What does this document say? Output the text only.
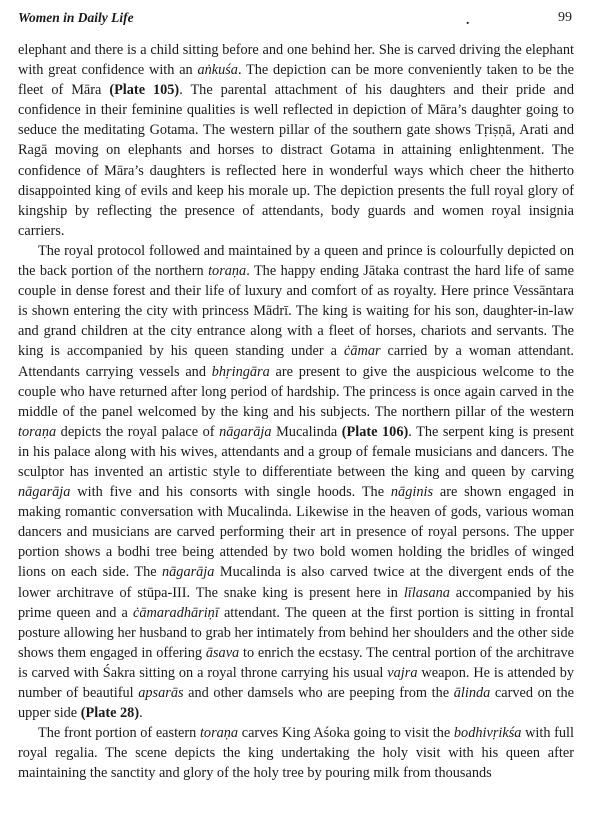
Women in Daily Life	.	99

elephant and there is a child sitting before and one behind her. She is carved driving the elephant with great confidence with an aṅkuśa. The depiction can be more conveniently taken to be the fleet of Māra (Plate 105). The parental attachment of his daughters and their pride and confidence in their feminine qualities is well reflected in depiction of Māra’s daughter going to seduce the meditating Gotama. The western pillar of the southern gate shows Tṛiṣṇā, Arati and Ragā moving on elephants and horses to distract Gotama in attaining enlightenment. The confidence of Māra’s daughters is reflected here in wonderful ways which cheer the hitherto disappointed king of evils and keep his morale up. The depiction presents the full royal glory of kingship by reflecting the presence of attendants, body guards and women royal insignia carriers.

The royal protocol followed and maintained by a queen and prince is colourfully depicted on the back portion of the northern toraṇa. The happy ending Jātaka contrast the hard life of same couple in dense forest and their life of luxury and comfort of as royalty. Here prince Vessāntara is shown entering the city with princess Mādrī. The king is waiting for his son, daughter-in-law and grand children at the city entrance along with a fleet of horses, chariots and servants. The king is accompanied by his queen standing under a ċāmar carried by a woman attendant. Attendants carrying vessels and bhṛingāra are present to give the auspicious welcome to the couple who have returned after long period of hardship. The princess is once again carved in the middle of the panel welcomed by the king and his subjects. The northern pillar of the western toraṇa depicts the royal palace of nāgarāja Mucalinda (Plate 106). The serpent king is present in his palace along with his wives, attendants and a group of female musicians and dancers. The sculptor has invented an artistic style to differentiate between the king and queen by carving nāgarāja with five and his consorts with single hoods. The nāginis are shown engaged in making romantic conversation with Mucalinda. Likewise in the heaven of gods, various woman dancers and musicians are carved performing their art in presence of royal persons. The upper portion shows a bodhi tree being attended by two bold women holding the bridles of winged lions on each side. The nāgarāja Mucalinda is also carved twice at the divergent ends of the lower architrave of stūpa-III. The snake king is present here in līlasana accompanied by his prime queen and a ċāmaradhāriṇī attendant. The queen at the first portion is sitting in frontal posture allowing her husband to grab her intimately from behind her shoulders and the other side shows them engaged in offering āsava to enrich the ecstasy. The central portion of the architrave is carved with Śakra sitting on a royal throne carrying his usual vajra weapon. He is attended by number of beautiful apsarās and other damsels who are peeping from the ālinda carved on the upper side (Plate 28).

The front portion of eastern toraṇa carves King Aśoka going to visit the bodhivṛikśa with full royal regalia. The scene depicts the king undertaking the holy visit with his queen after maintaining the sanctity and glory of the holy tree by pouring milk from thousands
